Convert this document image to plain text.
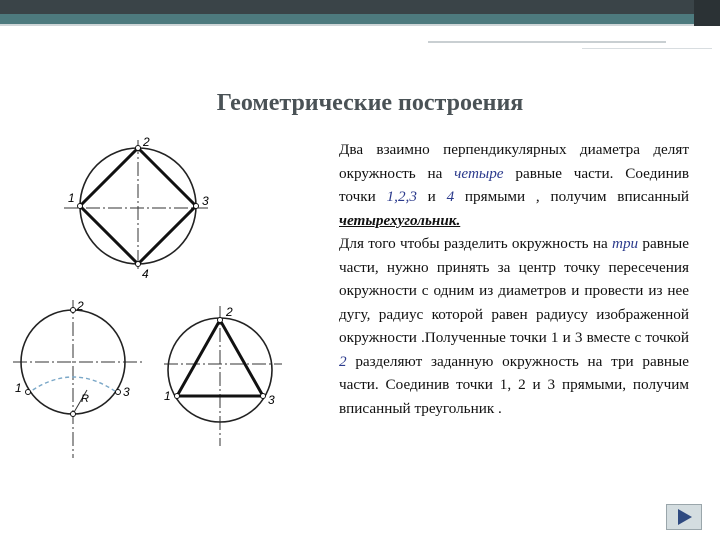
Геометрические построения

Два взаимно перпендикулярных диаметра делят окружность на четыре равные части. Соединив точки 1,2,3 и 4 прямыми , получим вписанный четырехугольник.

Для того чтобы разделить окружность на три равные части, нужно принять за центр точку пересечения окружности с одним из диаметров и провести из нее дугу, радиус которой равен радиусу изображенной окружности .Полученные точки 1 и 3 вместе с точкой 2 разделяют заданную окружность на три равные части. Соединив точки 1, 2 и 3 прямыми, получим вписанный треугольник .

2
3
4
1
2
1	3
R
2
1	3
